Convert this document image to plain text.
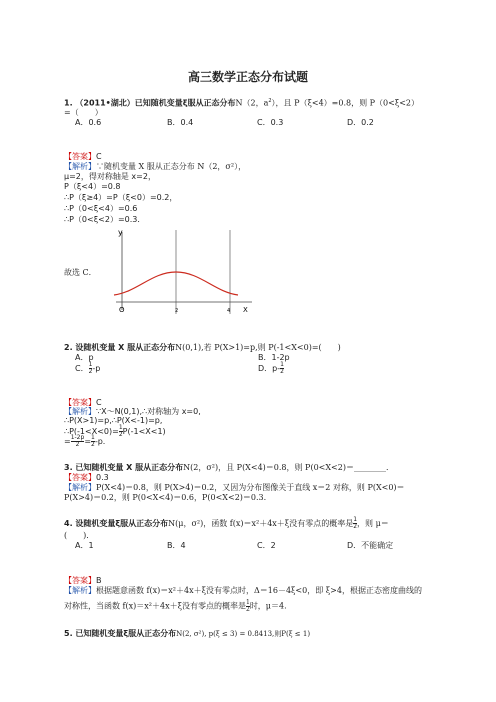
高三数学正态分布试题
1. （2011•湖北）已知随机变量ξ服从正态分布N（2，$a^2$），且 P（ξ<4）=0.8，则 P（0<ξ<2）
=（　　）
A．0.6	B．0.4	C．0.3	D．0.2
【答案】C
【解析】∵随机变量 X 服从正态分布 N（2，σ²），
μ=2，得对称轴是 x=2，
P（ξ<4）=0.8
∴P（ξ≥4）=P（ξ<0）=0.2，
∴P（0<ξ<4）=0.6
∴P（0<ξ<2）=0.3．
故选 C．
O	2	4
y
X
2. 设随机变量 X 服从正态分布N(0,1),若 P(X>1)=p,则 P(-1<X<0)=(　　)
A．p	B．1-2p
C． $\frac{1}{2} -p$	D．$p- \frac{1}{2}$
【答案】C
【解析】∵X～N(0,1),∴对称轴为 x=0,
∴P(X>1)=p,∴P(X<-1)=p,
∴P(-1<X<0)= $\frac{1}{2} P(-1<X<1)$
= $\frac{1-2p}{2} = \frac{1}{2} -p$.
3. 已知随机变量 X 服从正态分布N(2，σ²)，且 P(X<4)＝0.8，则 P(0<X<2)＝________．
【答案】0.3
【解析】P(X<4)＝0.8，则 P(X>4)＝0.2，又因为分布图像关于直线 x＝2 对称，则 P(X<0)＝
P(X>4)＝0.2，则 P(0<X<4)＝0.6，P(0<X<2)＝0.3.
4. 设随机变量ξ服从正态分布N(μ，σ²)，函数 f(x)＝x²＋4x＋ξ没有零点的概率是 $\frac{1}{2}$ ，则 μ＝
(　　)．
A．1	B．4	C．2	D．不能确定
【答案】B
【解析】根据题意函数 f(x)＝x²＋4x＋ξ没有零点时，Δ＝16－4ξ<0，即 ξ>4，根据正态密度曲线的
对称性，当函数 f(x)＝x²＋4x＋ξ没有零点的概率是 $\frac{1}{2}$ 时，μ＝4.
5. 已知随机变量ξ服从正态分布N(2, σ²), p(ξ ≤ 3) = 0.8413,则P(ξ ≤ 1)
